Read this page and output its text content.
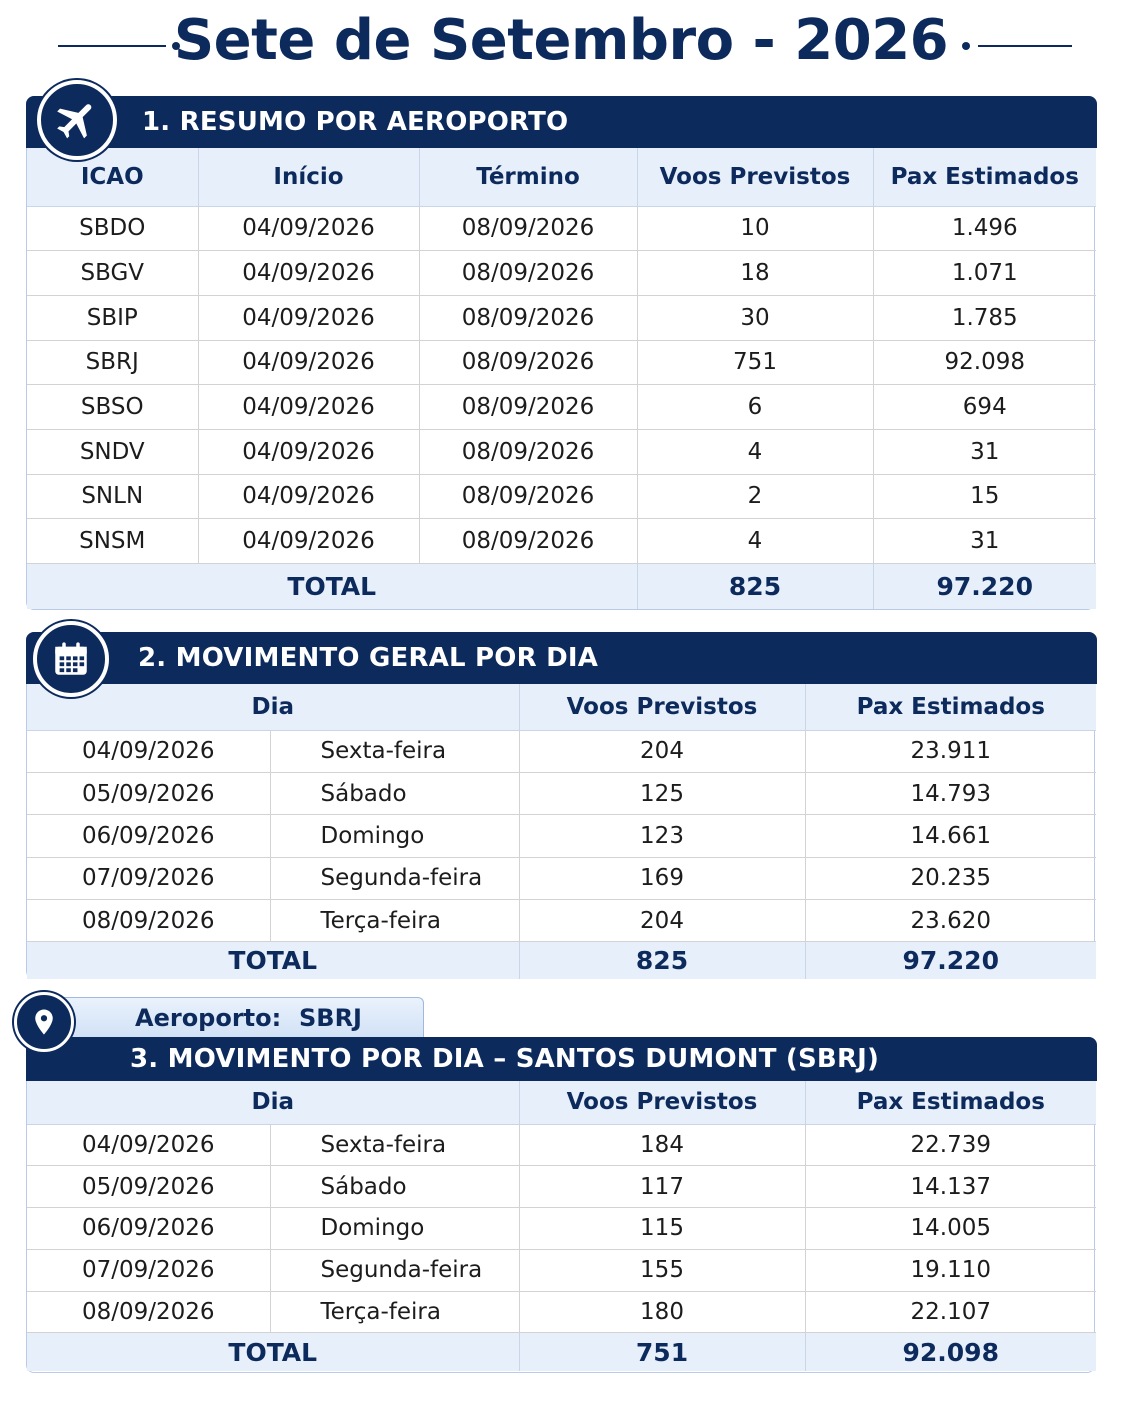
Sete de Setembro - 2026
1. RESUMO POR AEROPORTO
ICAO	Início	Término	Voos Previstos	Pax Estimados
SBDO	04/09/2026	08/09/2026	10	1.496
SBGV	04/09/2026	08/09/2026	18	1.071
SBIP	04/09/2026	08/09/2026	30	1.785
SBRJ	04/09/2026	08/09/2026	751	92.098
SBSO	04/09/2026	08/09/2026	6	694
SNDV	04/09/2026	08/09/2026	4	31
SNLN	04/09/2026	08/09/2026	2	15
SNSM	04/09/2026	08/09/2026	4	31
TOTAL			825	97.220
2. MOVIMENTO GERAL POR DIA
Dia		Voos Previstos	Pax Estimados
04/09/2026	Sexta-feira	204	23.911
05/09/2026	Sábado	125	14.793
06/09/2026	Domingo	123	14.661
07/09/2026	Segunda-feira	169	20.235
08/09/2026	Terça-feira	204	23.620
TOTAL		825	97.220
Aeroporto: SBRJ
3. MOVIMENTO POR DIA – SANTOS DUMONT (SBRJ)
Dia		Voos Previstos	Pax Estimados
04/09/2026	Sexta-feira	184	22.739
05/09/2026	Sábado	117	14.137
06/09/2026	Domingo	115	14.005
07/09/2026	Segunda-feira	155	19.110
08/09/2026	Terça-feira	180	22.107
TOTAL		751	92.098
